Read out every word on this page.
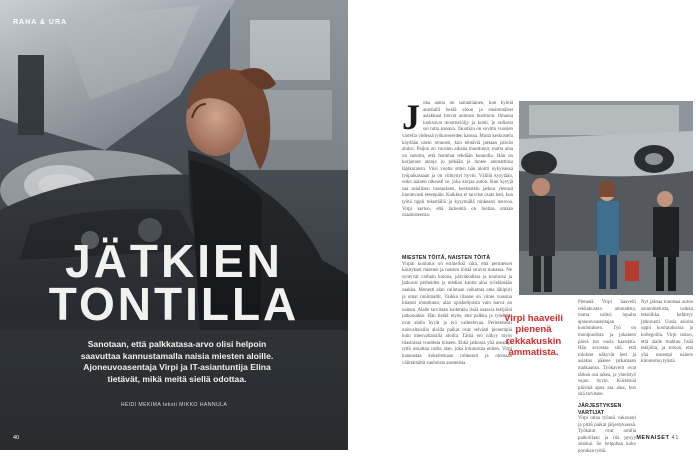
RAHA & URA
JÄTKIEN
TONTILLA
Sanotaan, että palkkatasa-arvo olisi helpoin saavuttaa kannustamalla naisia miesten aloille. Ajoneuvoasentaja Virpi ja IT-asiantuntija Elina tietävät, mikä meitä siellä odottaa.
HEIDI MEKIMA teksti MIKKO HANNULA
40
J oka aamu on samanlainen, kun kylmä autohalli herää eloon ja ensimmäiset asiakkaat tuovat autonsa huoltoon. Ilmassa tuoksuvat moottoriöljy ja kumi, ja radiosta soi tuttu kanava. Tauotkin on sovittu vuosien varrella yhdessä työkavereiden kanssa. Muita keskustelu käydään usein rennosti, kun tehtäviä jaetaan päivän aluksi. Paljon on vuosien aikana muuttunut, mutta aina on sanottu, että hommat tehdään kunnolla. Hän on korjannut autoja jo pitkään ja tuntee ammattinsa läpikotaisin. Viisi vuotta sitten hän aloitti nykyisessä työpaikassaan ja on viihtynyt hyvin. Välillä kysytään, onko nainen oikeasti se, joka korjaa auton. Kun kysyjä saa asiallisen vastauksen, keskustelu jatkuu yleensä luontevasti eteenpäin. Kaikkea ei tarvitse osata heti, kun työtä oppii tekemällä ja kysymällä rohkeasti neuvoa. Virpi kertoo, että tärkeintä on luottaa omaan osaamiseensa.

MIESTEN TÖITÄ, NAISTEN TÖITÄ

Virpin koulutus on esimerkki siitä, että perinteiset käsitykset miesten ja naisten töistä istuvat tiukassa. Ne syntyvät varhain kotona, päiväkodissa ja koulussa ja jatkuvat perheiden ja median kautta aina työelämään saakka. Monesti alan valintaan vaikuttaa oma lähipiiri ja omat roolimallit. Vaikka tilanne on viime vuosina hitaasti muuttunut, alan opiskelijoista vain harva on nainen. Alalle tarvitaan kuitenkin lisää osaavia tekijöitä jatkossakin. Hän tietää myös, että palkka ja työehdot ovat alalla hyvät ja työ vaihtelevaa. Perinteisesti naisvaltaisilla aloilla palkat ovat selvästi pienempiä kuin miesvaltaisilla aloilla. Tämä ero näkyy myös tilastoissa vuodesta toiseen. Ehkä jatkossa yhä useampi tyttö uskaltaa valita alan, joka kiinnostaa eniten. Virpi kannustaa kokeilemaan rohkeasti ja olemaan välittämättä vanhoista asenteista.

Virpi haaveili pienenä rekkakuskin ammatista.

Pienenä Virpi haaveili rekkakuskin ammatista, mutta valitsi lopulta ajoneuvoasentajan koulutuksen. Työ on monipuolista ja jokainen päivä tuo uusia haasteita. Hän arvostaa sitä, että tulokset näkyvät heti ja asiakas pääsee jatkamaan matkaansa. Työkaverit ovat tärkeä osa arkea, ja yhteistyö sujuu hyvin. Kiireisinä päivinä apua saa aina, kun sitä tarvitsee.

JÄRJESTYKSEN VARTIJAT

Virpi ottaa työnsä vakavasti ja pitää paikat järjestyksessä. Työkalut ovat omilla paikoillaan ja tila pysyy siistinä. Se helpottaa koko porukan työtä.

Nyt jaksaa innostua auton suunnittelusta, vaikka tekniikka kehittyy jatkuvasti. Uusia asioita oppii koulutuksissa ja kollegoilta. Virpi uskoo, että alalle mahtuu lisää tekijöitä, ja toivoo, että yhä useampi nainen kiinnostuu työstä.

MENAISET 41
